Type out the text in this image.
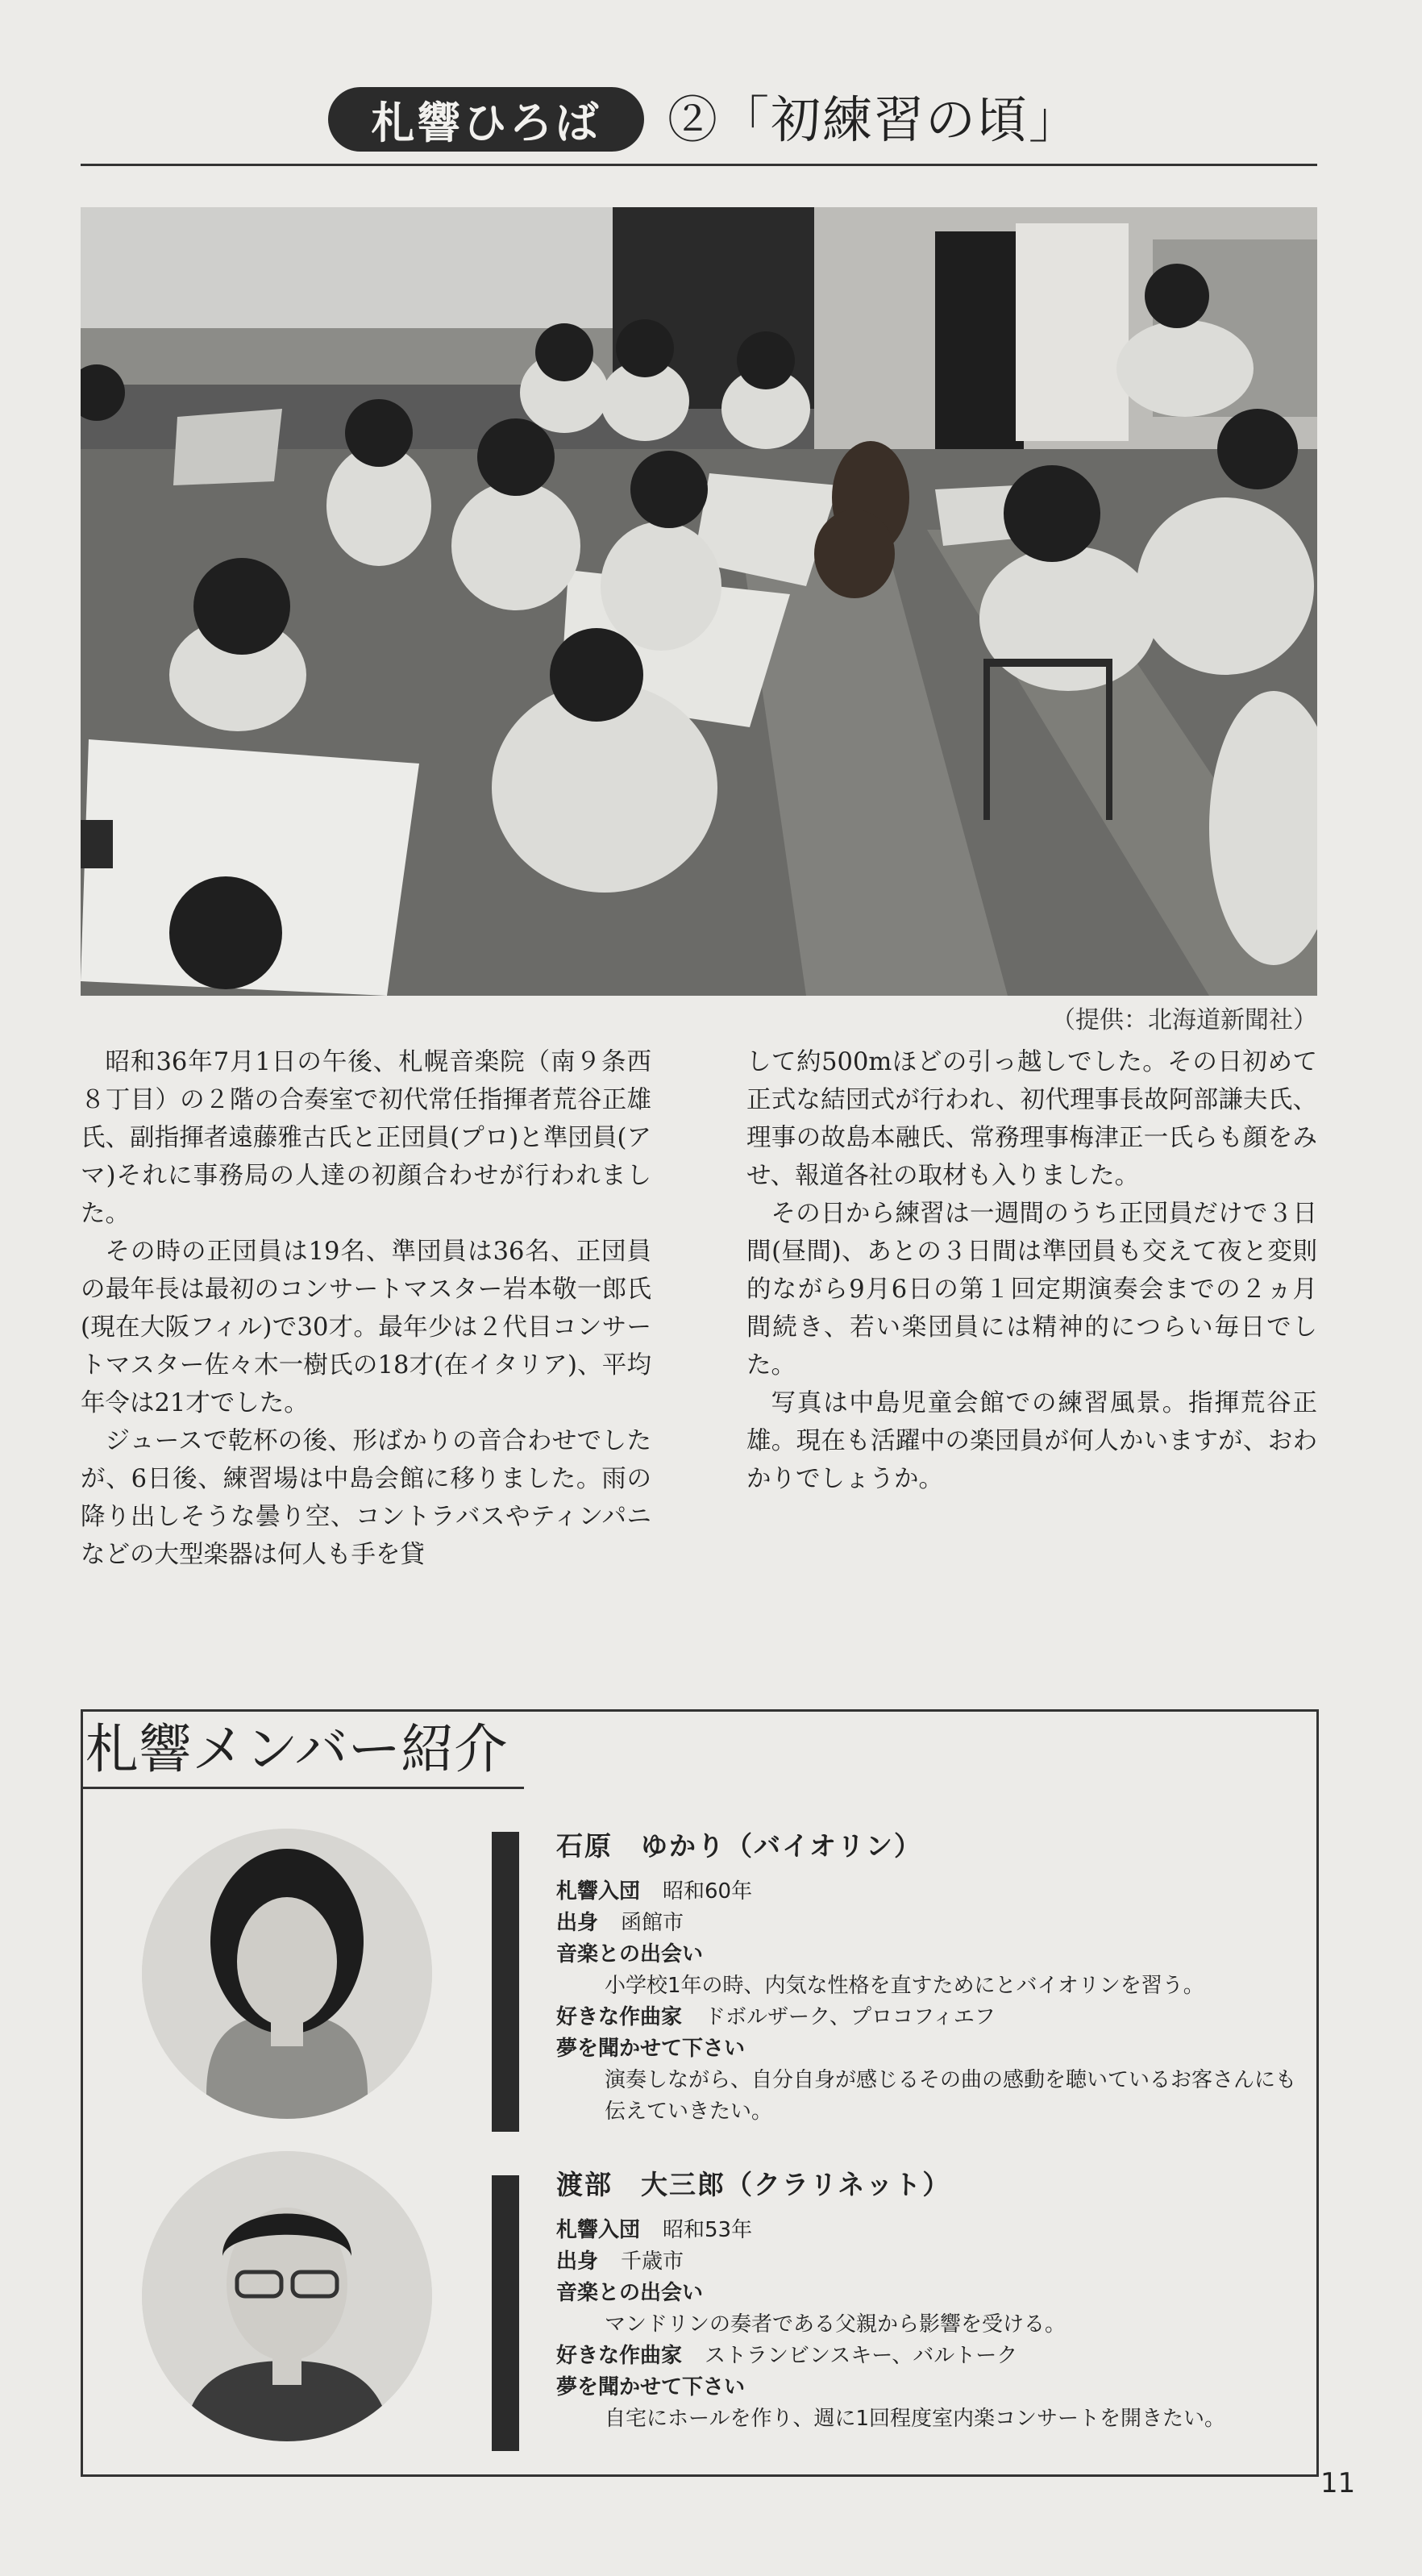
札響ひろば	②「初練習の頃」
（提供：北海道新聞社）

昭和36年7月1日の午後、札幌音楽院（南９条西８丁目）の２階の合奏室で初代常任指揮者荒谷正雄氏、副指揮者遠藤雅古氏と正団員(プロ)と準団員(アマ)それに事務局の人達の初顔合わせが行われました。

その時の正団員は19名、準団員は36名、正団員の最年長は最初のコンサートマスター岩本敬一郎氏(現在大阪フィル)で30才。最年少は２代目コンサートマスター佐々木一樹氏の18才(在イタリア)、平均年令は21才でした。

ジュースで乾杯の後、形ばかりの音合わせでしたが、6日後、練習場は中島会館に移りました。雨の降り出しそうな曇り空、コントラバスやティンパニなどの大型楽器は何人も手を貸

して約500mほどの引っ越しでした。その日初めて正式な結団式が行われ、初代理事長故阿部謙夫氏、理事の故島本融氏、常務理事梅津正一氏らも顔をみせ、報道各社の取材も入りました。

その日から練習は一週間のうち正団員だけで３日間(昼間)、あとの３日間は準団員も交えて夜と変則的ながら9月6日の第１回定期演奏会までの２ヵ月間続き、若い楽団員には精神的につらい毎日でした。

写真は中島児童会館での練習風景。指揮荒谷正雄。現在も活躍中の楽団員が何人かいますが、おわかりでしょうか。

札響メンバー紹介
石原　ゆかり（バイオリン）
札響入団 昭和60年
出身 函館市
音楽との出会い
小学校1年の時、内気な性格を直すためにとバイオリンを習う。
好きな作曲家 ドボルザーク、プロコフィエフ
夢を聞かせて下さい
演奏しながら、自分自身が感じるその曲の感動を聴いているお客さんにも伝えていきたい。
渡部　大三郎（クラリネット）
札響入団 昭和53年
出身 千歳市
音楽との出会い
マンドリンの奏者である父親から影響を受ける。
好きな作曲家 ストランビンスキー、バルトーク
夢を聞かせて下さい
自宅にホールを作り、週に1回程度室内楽コンサートを開きたい。
11
